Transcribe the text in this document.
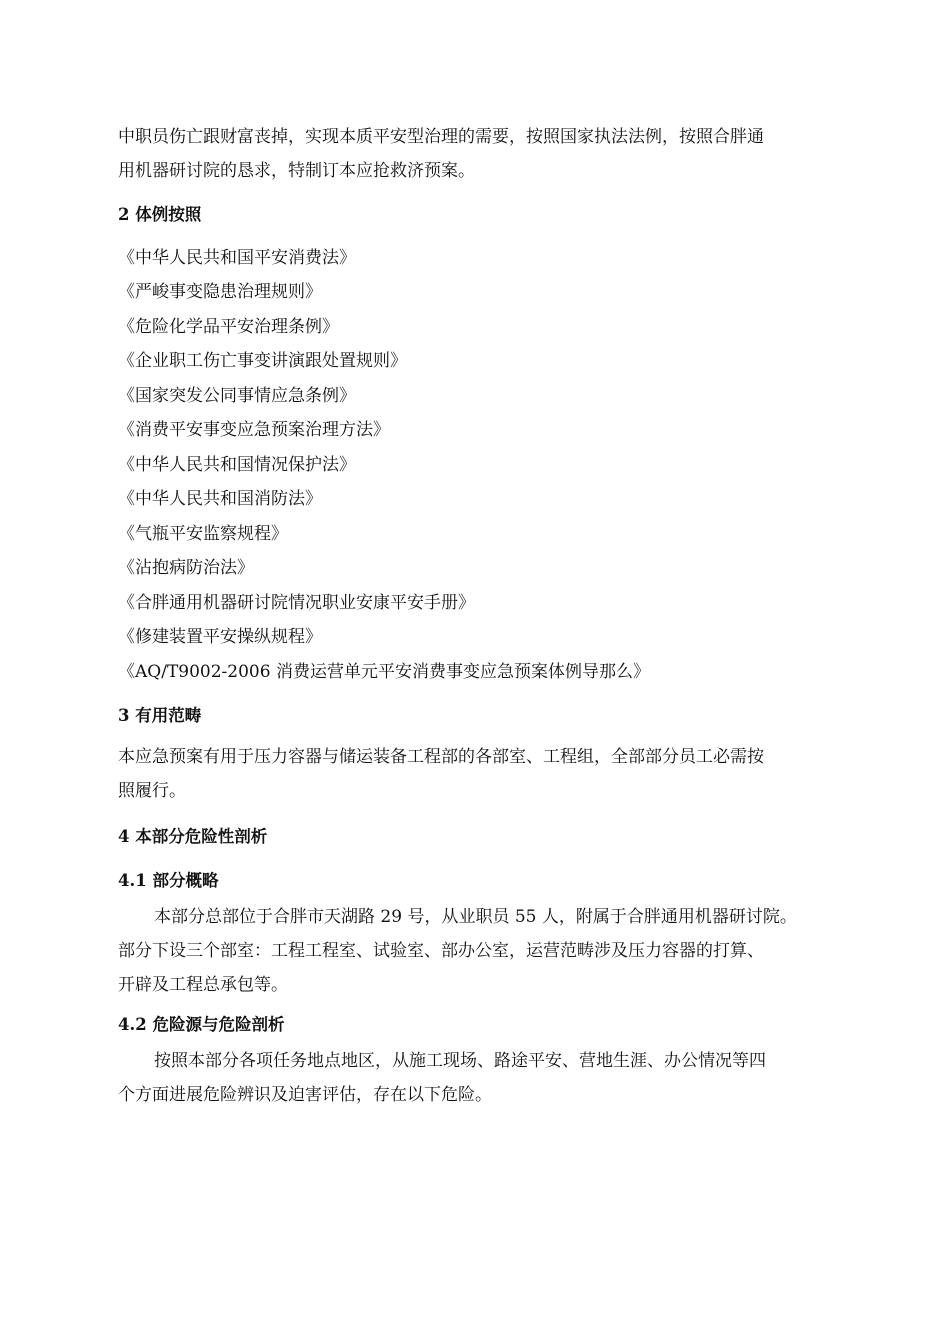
中职员伤亡跟财富丧掉，实现本质平安型治理的需要，按照国家执法法例，按照合胖通
用机器研讨院的恳求，特制订本应抢救济预案。
2 体例按照
《中华人民共和国平安消费法》
《严峻事变隐患治理规则》
《危险化学品平安治理条例》
《企业职工伤亡事变讲演跟处置规则》
《国家突发公同事情应急条例》
《消费平安事变应急预案治理方法》
《中华人民共和国情况保护法》
《中华人民共和国消防法》
《气瓶平安监察规程》
《沾抱病防治法》
《合胖通用机器研讨院情况职业安康平安手册》
《修建装置平安操纵规程》
《AQ/T9002-2006 消费运营单元平安消费事变应急预案体例导那么》
3 有用范畴
本应急预案有用于压力容器与储运装备工程部的各部室、工程组，全部部分员工必需按
照履行。
4 本部分危险性剖析
4.1 部分概略
本部分总部位于合胖市天湖路 29 号，从业职员 55 人，附属于合胖通用机器研讨院。
部分下设三个部室：工程工程室、试验室、部办公室，运营范畴涉及压力容器的打算、
开辟及工程总承包等。
4.2 危险源与危险剖析
按照本部分各项任务地点地区，从施工现场、路途平安、营地生涯、办公情况等四
个方面进展危险辨识及迫害评估，存在以下危险。
